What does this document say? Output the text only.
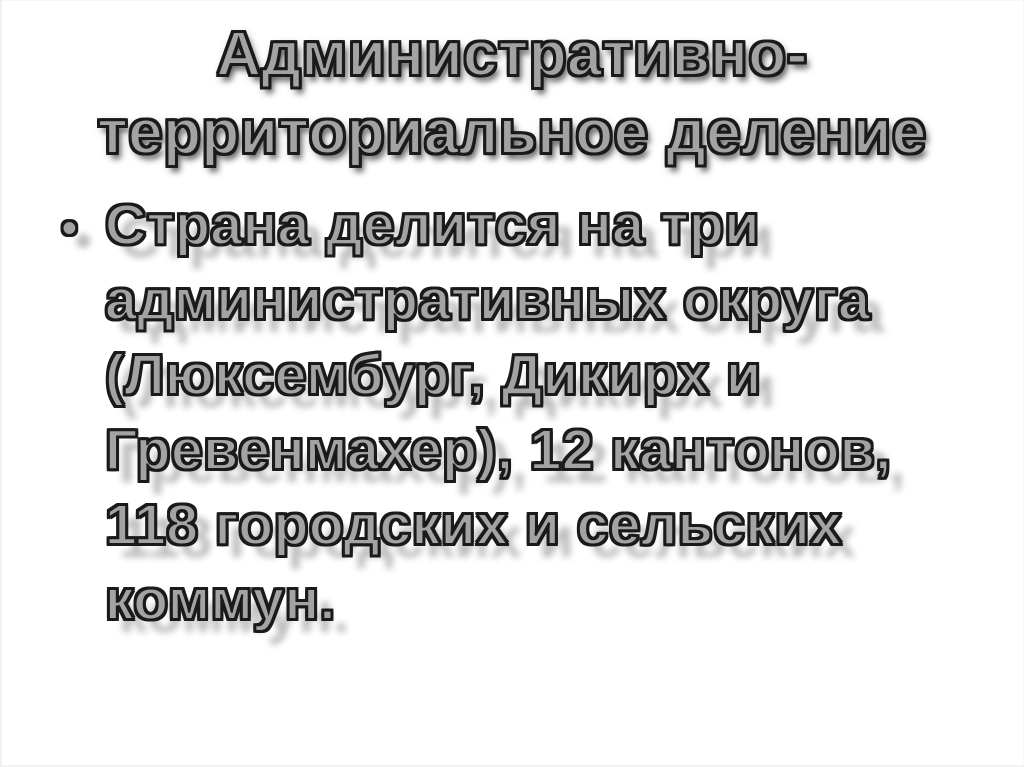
Административно-
территориальное деление
• Страна делится на три
административных округа
(Люксембург, Дикирх и
Гревенмахер), 12 кантонов,
118 городских и сельских
коммун.
